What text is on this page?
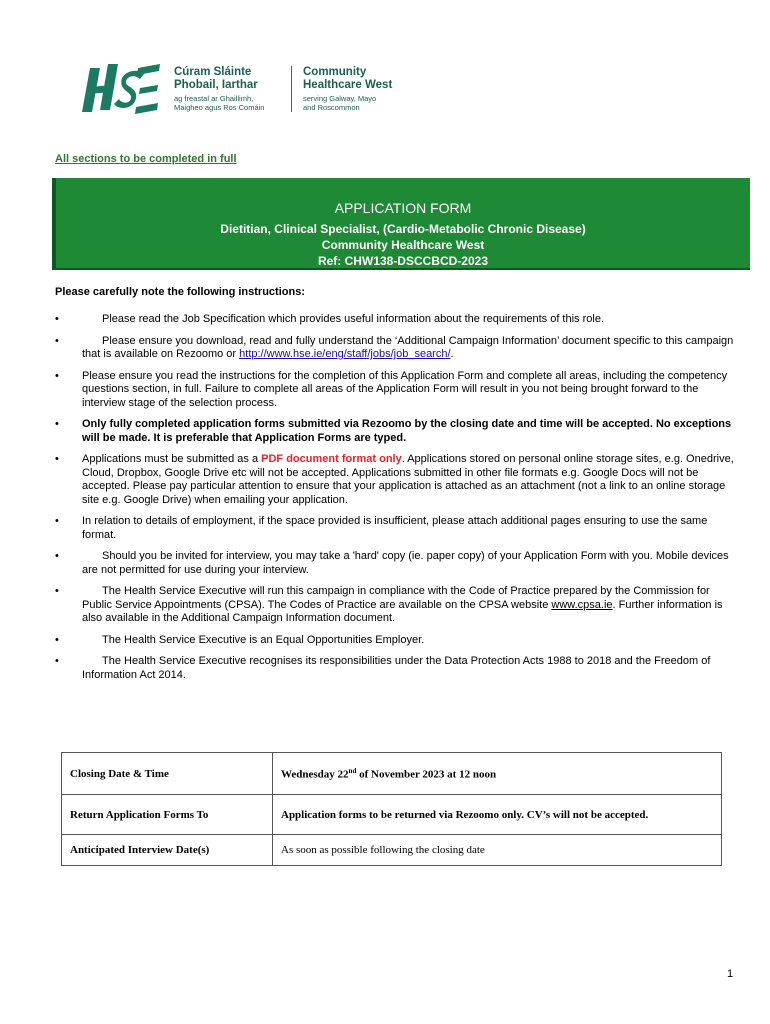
Cúram Sláinte
Phobail, Iarthar
ag freastal ar Ghaillimh,
Maigheo agus Ros Comáin
Community
Healthcare West
serving Galway, Mayo
and Roscommon
All sections to be completed in full
APPLICATION FORM
Dietitian, Clinical Specialist, (Cardio-Metabolic Chronic Disease)
Community Healthcare West
Ref: CHW138-DSCCBCD-2023
Please carefully note the following instructions:
•	Please read the Job Specification which provides useful information about the requirements of this role.
•	Please ensure you download, read and fully understand the ‘Additional Campaign Information’ document specific to this campaign that is available on Rezoomo or http://www.hse.ie/eng/staff/jobs/job_search/.
• Please ensure you read the instructions for the completion of this Application Form and complete all areas, including the competency questions section, in full. Failure to complete all areas of the Application Form will result in you not being brought forward to the interview stage of the selection process.
• Only fully completed application forms submitted via Rezoomo by the closing date and time will be accepted. No exceptions will be made. It is preferable that Application Forms are typed.
• Applications must be submitted as a PDF document format only. Applications stored on personal online storage sites, e.g. Onedrive, Cloud, Dropbox, Google Drive etc will not be accepted. Applications submitted in other file formats e.g. Google Docs will not be accepted. Please pay particular attention to ensure that your application is attached as an attachment (not a link to an online storage site e.g. Google Drive) when emailing your application.
• In relation to details of employment, if the space provided is insufficient, please attach additional pages ensuring to use the same format.
•	Should you be invited for interview, you may take a 'hard' copy (ie. paper copy) of your Application Form with you. Mobile devices are not permitted for use during your interview.
•	The Health Service Executive will run this campaign in compliance with the Code of Practice prepared by the Commission for Public Service Appointments (CPSA). The Codes of Practice are available on the CPSA website www.cpsa.ie. Further information is also available in the Additional Campaign Information document.
•	The Health Service Executive is an Equal Opportunities Employer.
•	The Health Service Executive recognises its responsibilities under the Data Protection Acts 1988 to 2018 and the Freedom of Information Act 2014.
Closing Date & Time	Wednesday 22nd of November 2023 at 12 noon
Return Application Forms To	Application forms to be returned via Rezoomo only. CV’s will not be accepted.
Anticipated Interview Date(s)	As soon as possible following the closing date
1
